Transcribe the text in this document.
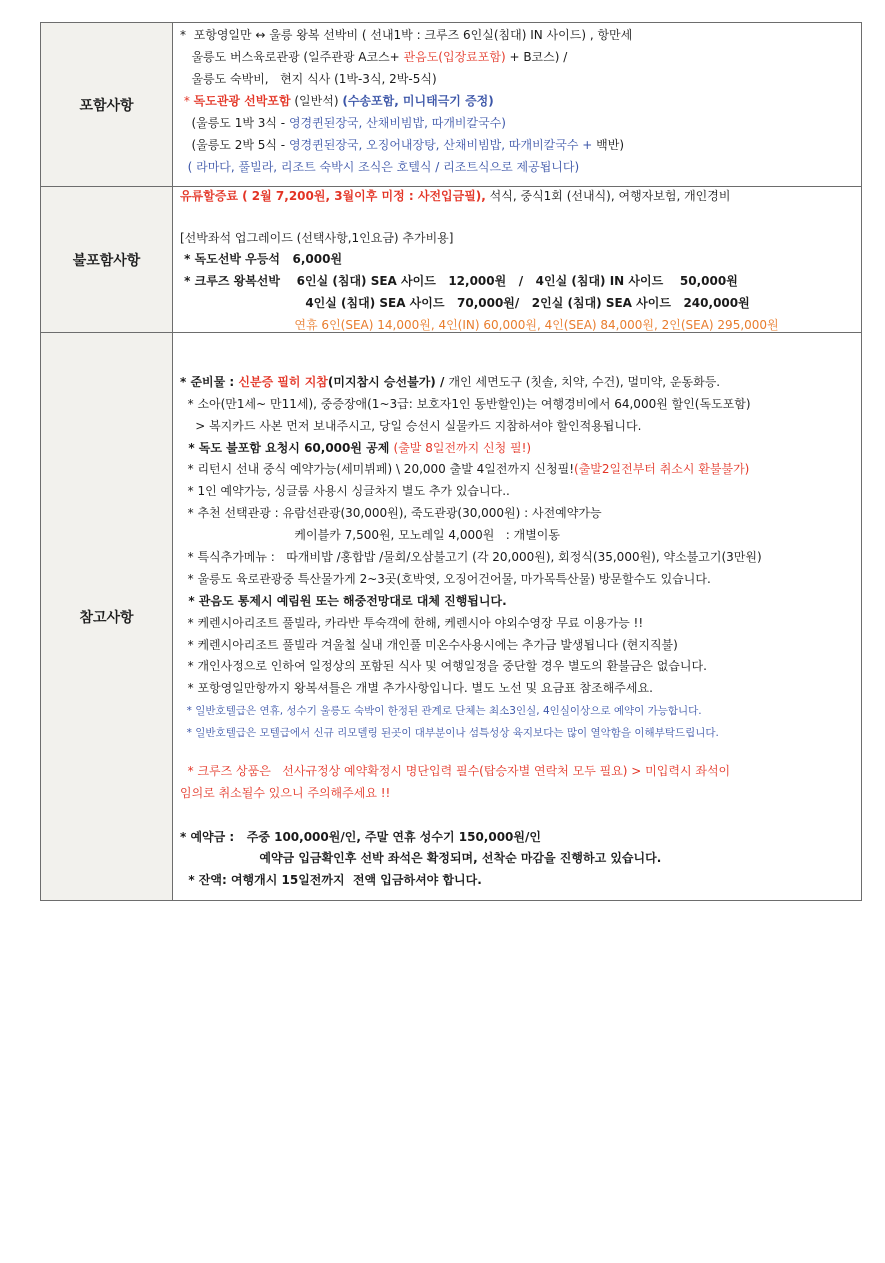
포함사항
*  포항영일만 ↔ 울릉 왕복 선박비 ( 선내1박 : 크루즈 6인실(침대) IN 사이드) , 항만세
울릉도 버스육로관광 (일주관광 A코스+ 관음도(입장료포함) + B코스) /
울릉도 숙박비,   현지 식사 (1박-3식, 2박-5식)
* 독도관광 선박포함 (일반석) (수송포함, 미니태극기 증정)
(울릉도 1박 3식 - 영경퀸된장국, 산채비빔밥, 따개비칼국수)
(울릉도 2박 5식 - 영경퀸된장국, 오징어내장탕, 산채비빔밥, 따개비칼국수 + 백반)
( 라마다, 풀빌라, 리조트 숙박시 조식은 호텔식 / 리조트식으로 제공됩니다)
불포함사항
유류할증료 ( 2월 7,200원, 3월이후 미정 : 사전입금필), 석식, 중식1회 (선내식), 여행자보험, 개인경비
[선박좌석 업그레이드 (선택사항,1인요금) 추가비용]
* 독도선박 우등석   6,000원
* 크루즈 왕복선박    6인실 (침대) SEA 사이드   12,000원   /   4인실 (침대) IN 사이드    50,000원
4인실 (침대) SEA 사이드   70,000원/   2인실 (침대) SEA 사이드   240,000원
연휴 6인(SEA) 14,000원, 4인(IN) 60,000원, 4인(SEA) 84,000원, 2인(SEA) 295,000원
참고사항
* 준비물 : 신분증 필히 지참(미지참시 승선불가) / 개인 세면도구 (칫솔, 치약, 수건), 멀미약, 운동화등.
* 소아(만1세~ 만11세), 중증장애(1~3급: 보호자1인 동반할인)는 여행경비에서 64,000원 할인(독도포함)
> 복지카드 사본 먼저 보내주시고, 당일 승선시 실물카드 지참하셔야 할인적용됩니다.
* 독도 불포함 요청시 60,000원 공제 (출발 8일전까지 신청 필!)
* 리턴시 선내 중식 예약가능(세미뷔페) \ 20,000 출발 4일전까지 신청필!(출발2일전부터 취소시 환불불가)
* 1인 예약가능, 싱글룸 사용시 싱글차지 별도 추가 있습니다..
* 추천 선택관광 : 유람선관광(30,000원), 죽도관광(30,000원) : 사전예약가능
케이블카 7,500원, 모노레일 4,000원   : 개별이동
* 특식추가메뉴 :   따개비밥 /홍합밥 /물회/오삼불고기 (각 20,000원), 회정식(35,000원), 약소불고기(3만원)
* 울릉도 육로관광중 특산물가게 2~3곳(호박엿, 오징어건어물, 마가목특산물) 방문할수도 있습니다.
* 관음도 통제시 예림원 또는 해중전망대로 대체 진행됩니다.
* 케렌시아리조트 풀빌라, 카라반 투숙객에 한해, 케렌시아 야외수영장 무료 이용가능 !!
* 케렌시아리조트 풀빌라 겨울철 실내 개인풀 미온수사용시에는 추가금 발생됩니다 (현지직불)
* 개인사정으로 인하여 일정상의 포함된 식사 및 여행일정을 중단할 경우 별도의 환불금은 없습니다.
* 포항영일만항까지 왕복셔틀은 개별 추가사항입니다. 별도 노선 및 요금표 참조해주세요.
* 일반호텔급은 연휴, 성수기 울릉도 숙박이 한정된 관계로 단체는 최소3인실, 4인실이상으로 예약이 가능합니다.
* 일반호텔급은 모텔급에서 신규 리모델링 된곳이 대부분이나 섬특성상 육지보다는 많이 열악함을 이해부탁드립니다.
* 크루즈 상품은   선사규정상 예약확정시 명단입력 필수(탑승자별 연락처 모두 필요) > 미입력시 좌석이
임의로 취소될수 있으니 주의해주세요 !!
* 예약금 :   주중 100,000원/인, 주말 연휴 성수기 150,000원/인
예약금 입금확인후 선박 좌석은 확정되며, 선착순 마감을 진행하고 있습니다.
* 잔액: 여행개시 15일전까지  전액 입금하셔야 합니다.
